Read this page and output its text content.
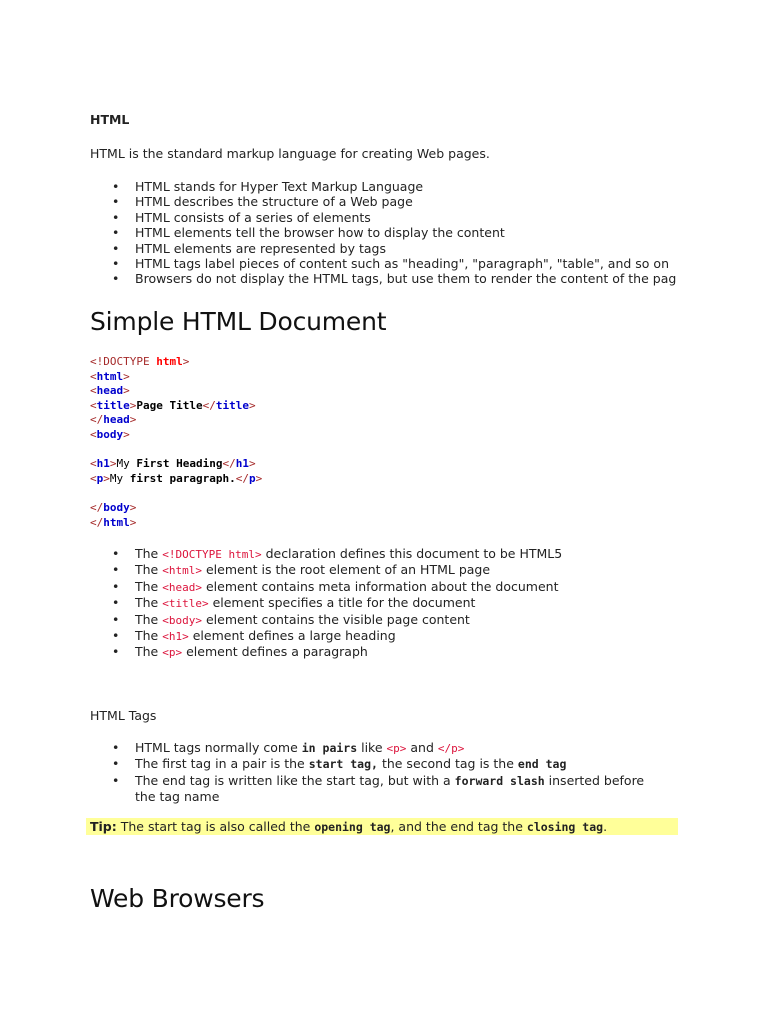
HTML
HTML is the standard markup language for creating Web pages.
• HTML stands for Hyper Text Markup Language
• HTML describes the structure of a Web page
• HTML consists of a series of elements
• HTML elements tell the browser how to display the content
• HTML elements are represented by tags
• HTML tags label pieces of content such as "heading", "paragraph", "table", and so on
• Browsers do not display the HTML tags, but use them to render the content of the pag
Simple HTML Document
<!DOCTYPE html>
<html>
<head>
<title>Page Title</title>
</head>
<body>

<h1>My First Heading</h1>
<p>My first paragraph.</p>

</body>
</html>
• The <!DOCTYPE html> declaration defines this document to be HTML5
• The <html> element is the root element of an HTML page
• The <head> element contains meta information about the document
• The <title> element specifies a title for the document
• The <body> element contains the visible page content
• The <h1> element defines a large heading
• The <p> element defines a paragraph
HTML Tags
• HTML tags normally come in pairs like <p> and </p>
• The first tag in a pair is the start tag, the second tag is the end tag
• The end tag is written like the start tag, but with a forward slash inserted before the tag name
Tip: The start tag is also called the opening tag, and the end tag the closing tag.
Web Browsers
